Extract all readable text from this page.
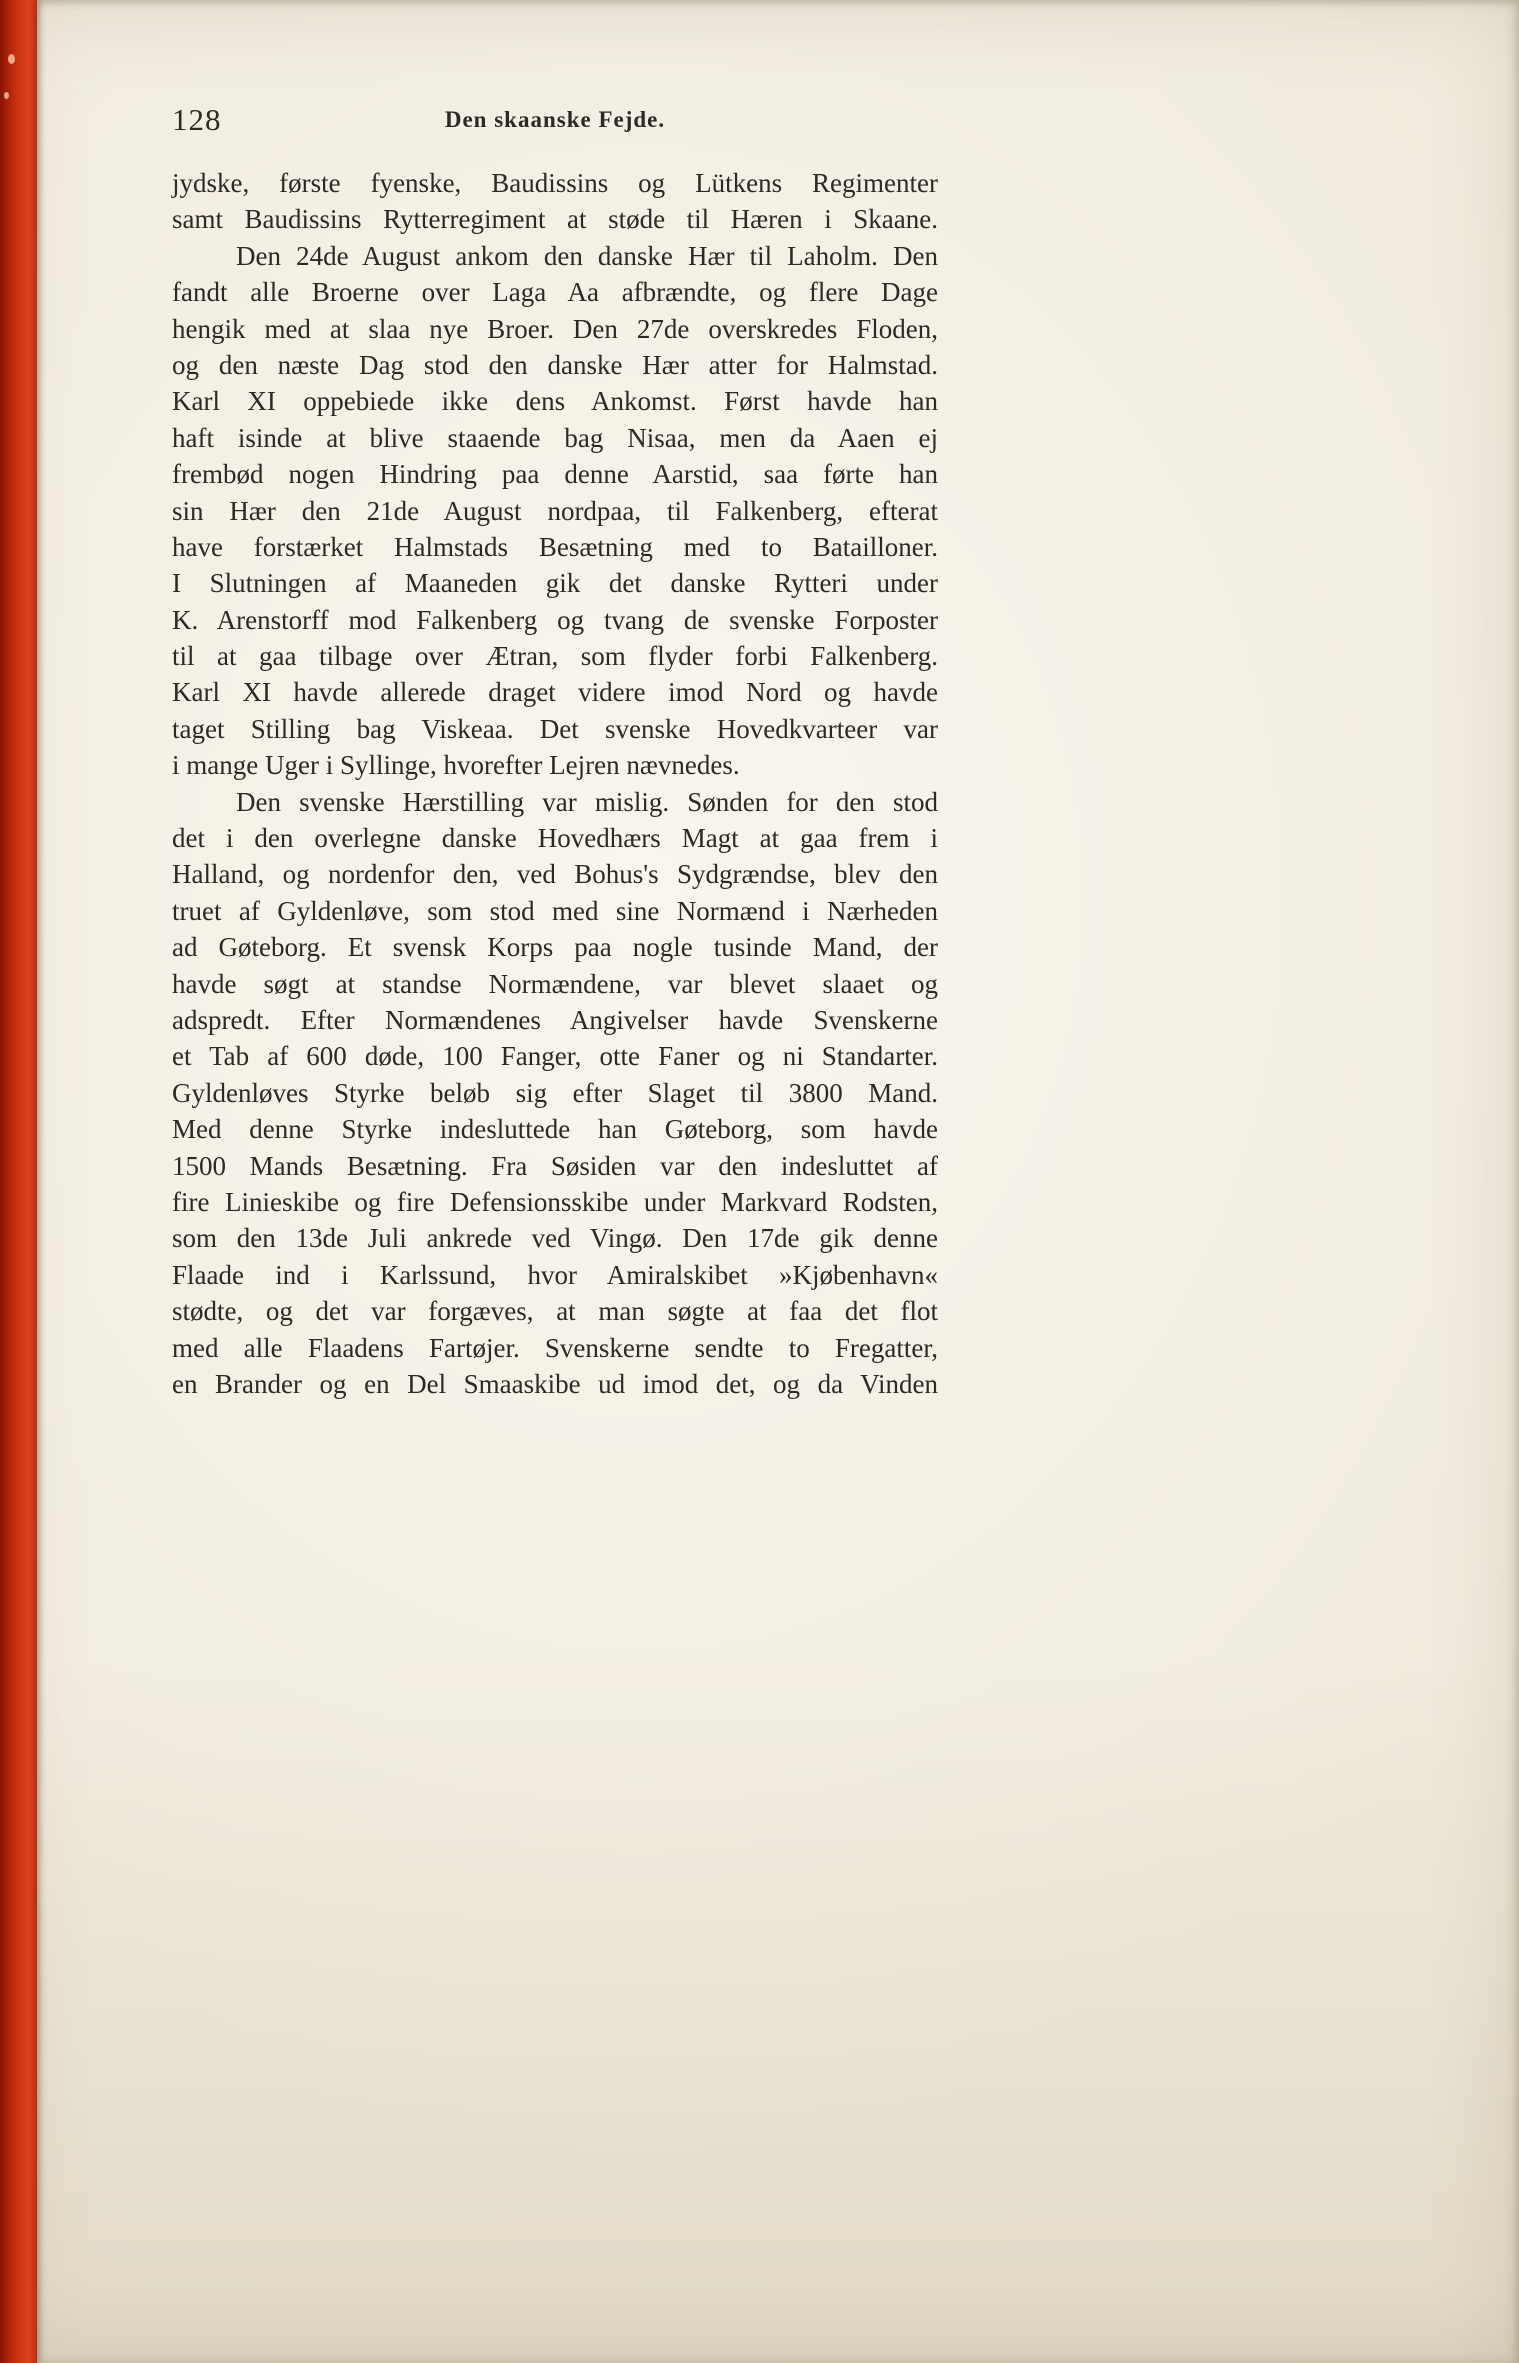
128	Den skaanske Fejde.
jydske, første fyenske, Baudissins og Lütkens Regimenter
samt Baudissins Rytterregiment at støde til Hæren i Skaane.
Den 24de August ankom den danske Hær til Laholm. Den
fandt alle Broerne over Laga Aa afbrændte, og flere Dage
hengik med at slaa nye Broer. Den 27de overskredes Floden,
og den næste Dag stod den danske Hær atter for Halmstad.
Karl XI oppebiede ikke dens Ankomst. Først havde han
haft isinde at blive staaende bag Nisaa, men da Aaen ej
frembød nogen Hindring paa denne Aarstid, saa førte han
sin Hær den 21de August nordpaa, til Falkenberg, efterat
have forstærket Halmstads Besætning med to Batailloner.
I Slutningen af Maaneden gik det danske Rytteri under
K. Arenstorff mod Falkenberg og tvang de svenske Forposter
til at gaa tilbage over Ætran, som flyder forbi Falkenberg.
Karl XI havde allerede draget videre imod Nord og havde
taget Stilling bag Viskeaa. Det svenske Hovedkvarteer var
i mange Uger i Syllinge, hvorefter Lejren nævnedes.
Den svenske Hærstilling var mislig. Sønden for den stod
det i den overlegne danske Hovedhærs Magt at gaa frem i
Halland, og nordenfor den, ved Bohus's Sydgrændse, blev den
truet af Gyldenløve, som stod med sine Normænd i Nærheden
ad Gøteborg. Et svensk Korps paa nogle tusinde Mand, der
havde søgt at standse Normændene, var blevet slaaet og
adspredt. Efter Normændenes Angivelser havde Svenskerne
et Tab af 600 døde, 100 Fanger, otte Faner og ni Standarter.
Gyldenløves Styrke beløb sig efter Slaget til 3800 Mand.
Med denne Styrke indesluttede han Gøteborg, som havde
1500 Mands Besætning. Fra Søsiden var den indesluttet af
fire Linieskibe og fire Defensionsskibe under Markvard Rodsten,
som den 13de Juli ankrede ved Vingø. Den 17de gik denne
Flaade ind i Karlssund, hvor Amiralskibet »Kjøbenhavn«
stødte, og det var forgæves, at man søgte at faa det flot
med alle Flaadens Fartøjer. Svenskerne sendte to Fregatter,
en Brander og en Del Smaaskibe ud imod det, og da Vinden
